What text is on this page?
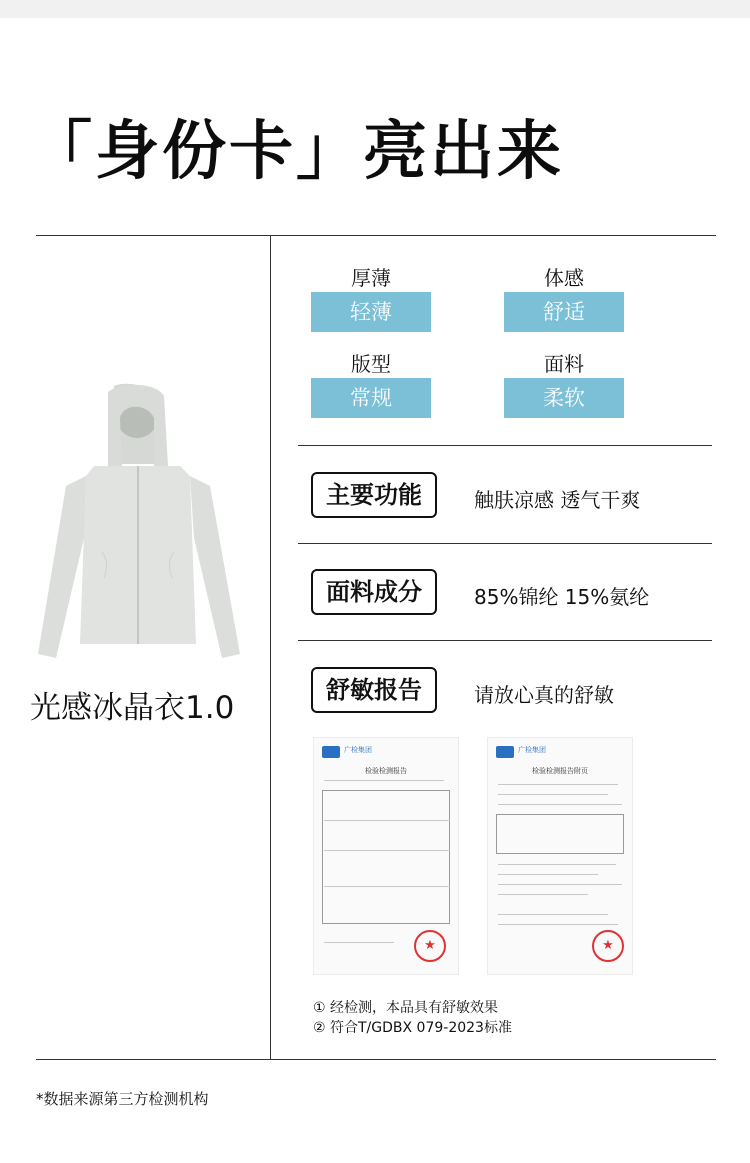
「身份卡」亮出来
光感冰晶衣1.0
厚薄
轻薄
体感
舒适
版型
常规
面料
柔软
主要功能	触肤凉感 透气干爽
面料成分	85%锦纶 15%氨纶
舒敏报告	请放心真的舒敏
广检集团
检验检测报告
★
广检集团
检验检测报告附页
★
① 经检测，本品具有舒敏效果
② 符合T/GDBX 079-2023标准
*数据来源第三方检测机构
